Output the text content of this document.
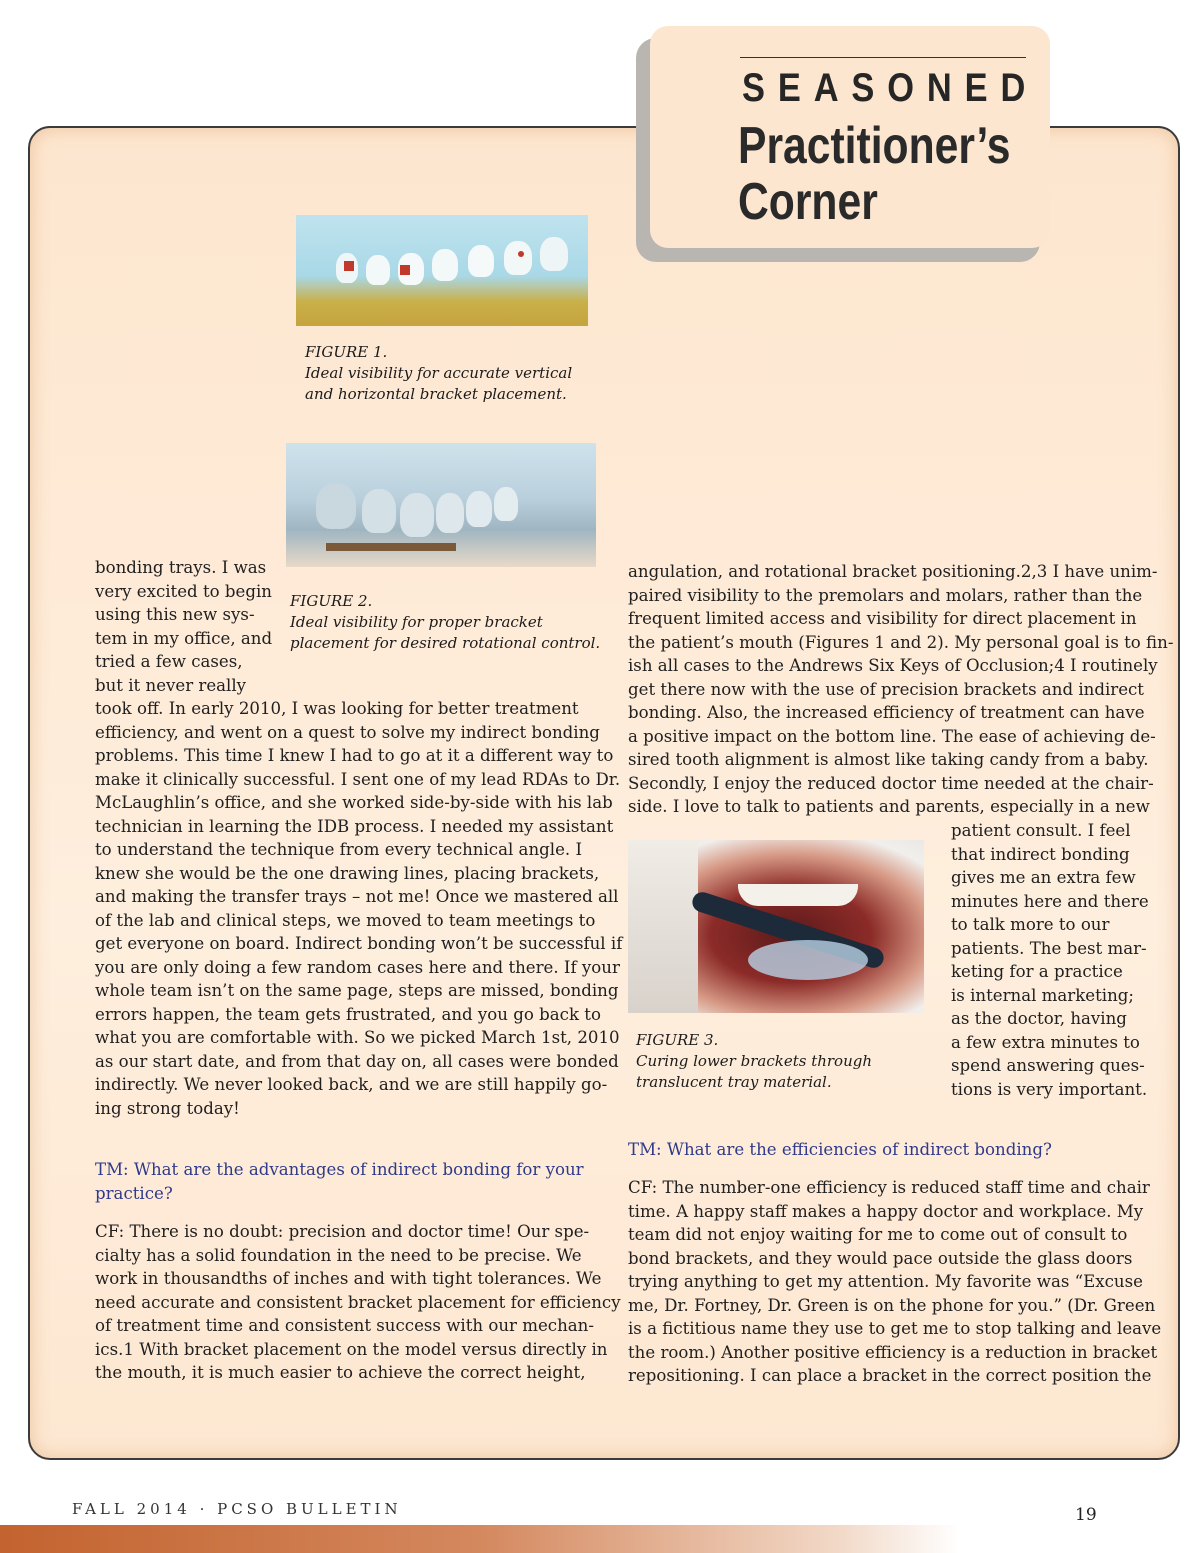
SEASONED
Practitioner’s
Corner
FIGURE 1.
Ideal visibility for accurate vertical
and horizontal bracket placement.
FIGURE 2.
Ideal visibility for proper bracket
placement for desired rotational control.
FIGURE 3.
Curing lower brackets through
translucent tray material.

bonding trays. I was

very excited to begin

using this new sys-

tem in my office, and

tried a few cases,

but it never really

took off. In early 2010, I was looking for better treatment

efficiency, and went on a quest to solve my indirect bonding

problems. This time I knew I had to go at it a different way to

make it clinically successful. I sent one of my lead RDAs to Dr.

McLaughlin’s office, and she worked side-by-side with his lab

technician in learning the IDB process. I needed my assistant

to understand the technique from every technical angle. I

knew she would be the one drawing lines, placing brackets,

and making the transfer trays – not me! Once we mastered all

of the lab and clinical steps, we moved to team meetings to

get everyone on board. Indirect bonding won’t be successful if

you are only doing a few random cases here and there. If your

whole team isn’t on the same page, steps are missed, bonding

errors happen, the team gets frustrated, and you go back to

what you are comfortable with. So we picked March 1st, 2010

as our start date, and from that day on, all cases were bonded

indirectly. We never looked back, and we are still happily go-

ing strong today!

TM: What are the advantages of indirect bonding for your

practice?

CF: There is no doubt: precision and doctor time! Our spe-

cialty has a solid foundation in the need to be precise. We

work in thousandths of inches and with tight tolerances. We

need accurate and consistent bracket placement for efficiency

of treatment time and consistent success with our mechan-

ics.1 With bracket placement on the model versus directly in

the mouth, it is much easier to achieve the correct height,

angulation, and rotational bracket positioning.2,3 I have unim-

paired visibility to the premolars and molars, rather than the

frequent limited access and visibility for direct placement in

the patient’s mouth (Figures 1 and 2). My personal goal is to fin-

ish all cases to the Andrews Six Keys of Occlusion;4 I routinely

get there now with the use of precision brackets and indirect

bonding. Also, the increased efficiency of treatment can have

a positive impact on the bottom line. The ease of achieving de-

sired tooth alignment is almost like taking candy from a baby.

Secondly, I enjoy the reduced doctor time needed at the chair-

side. I love to talk to patients and parents, especially in a new

patient consult. I feel

that indirect bonding

gives me an extra few

minutes here and there

to talk more to our

patients. The best mar-

keting for a practice

is internal marketing;

as the doctor, having

a few extra minutes to

spend answering ques-

tions is very important.

TM: What are the efficiencies of indirect bonding?

CF: The number-one efficiency is reduced staff time and chair

time. A happy staff makes a happy doctor and workplace. My

team did not enjoy waiting for me to come out of consult to

bond brackets, and they would pace outside the glass doors

trying anything to get my attention. My favorite was “Excuse

me, Dr. Fortney, Dr. Green is on the phone for you.” (Dr. Green

is a fictitious name they use to get me to stop talking and leave

the room.) Another positive efficiency is a reduction in bracket

repositioning. I can place a bracket in the correct position the

FALL 2014 · PCSO BULLETIN	19
